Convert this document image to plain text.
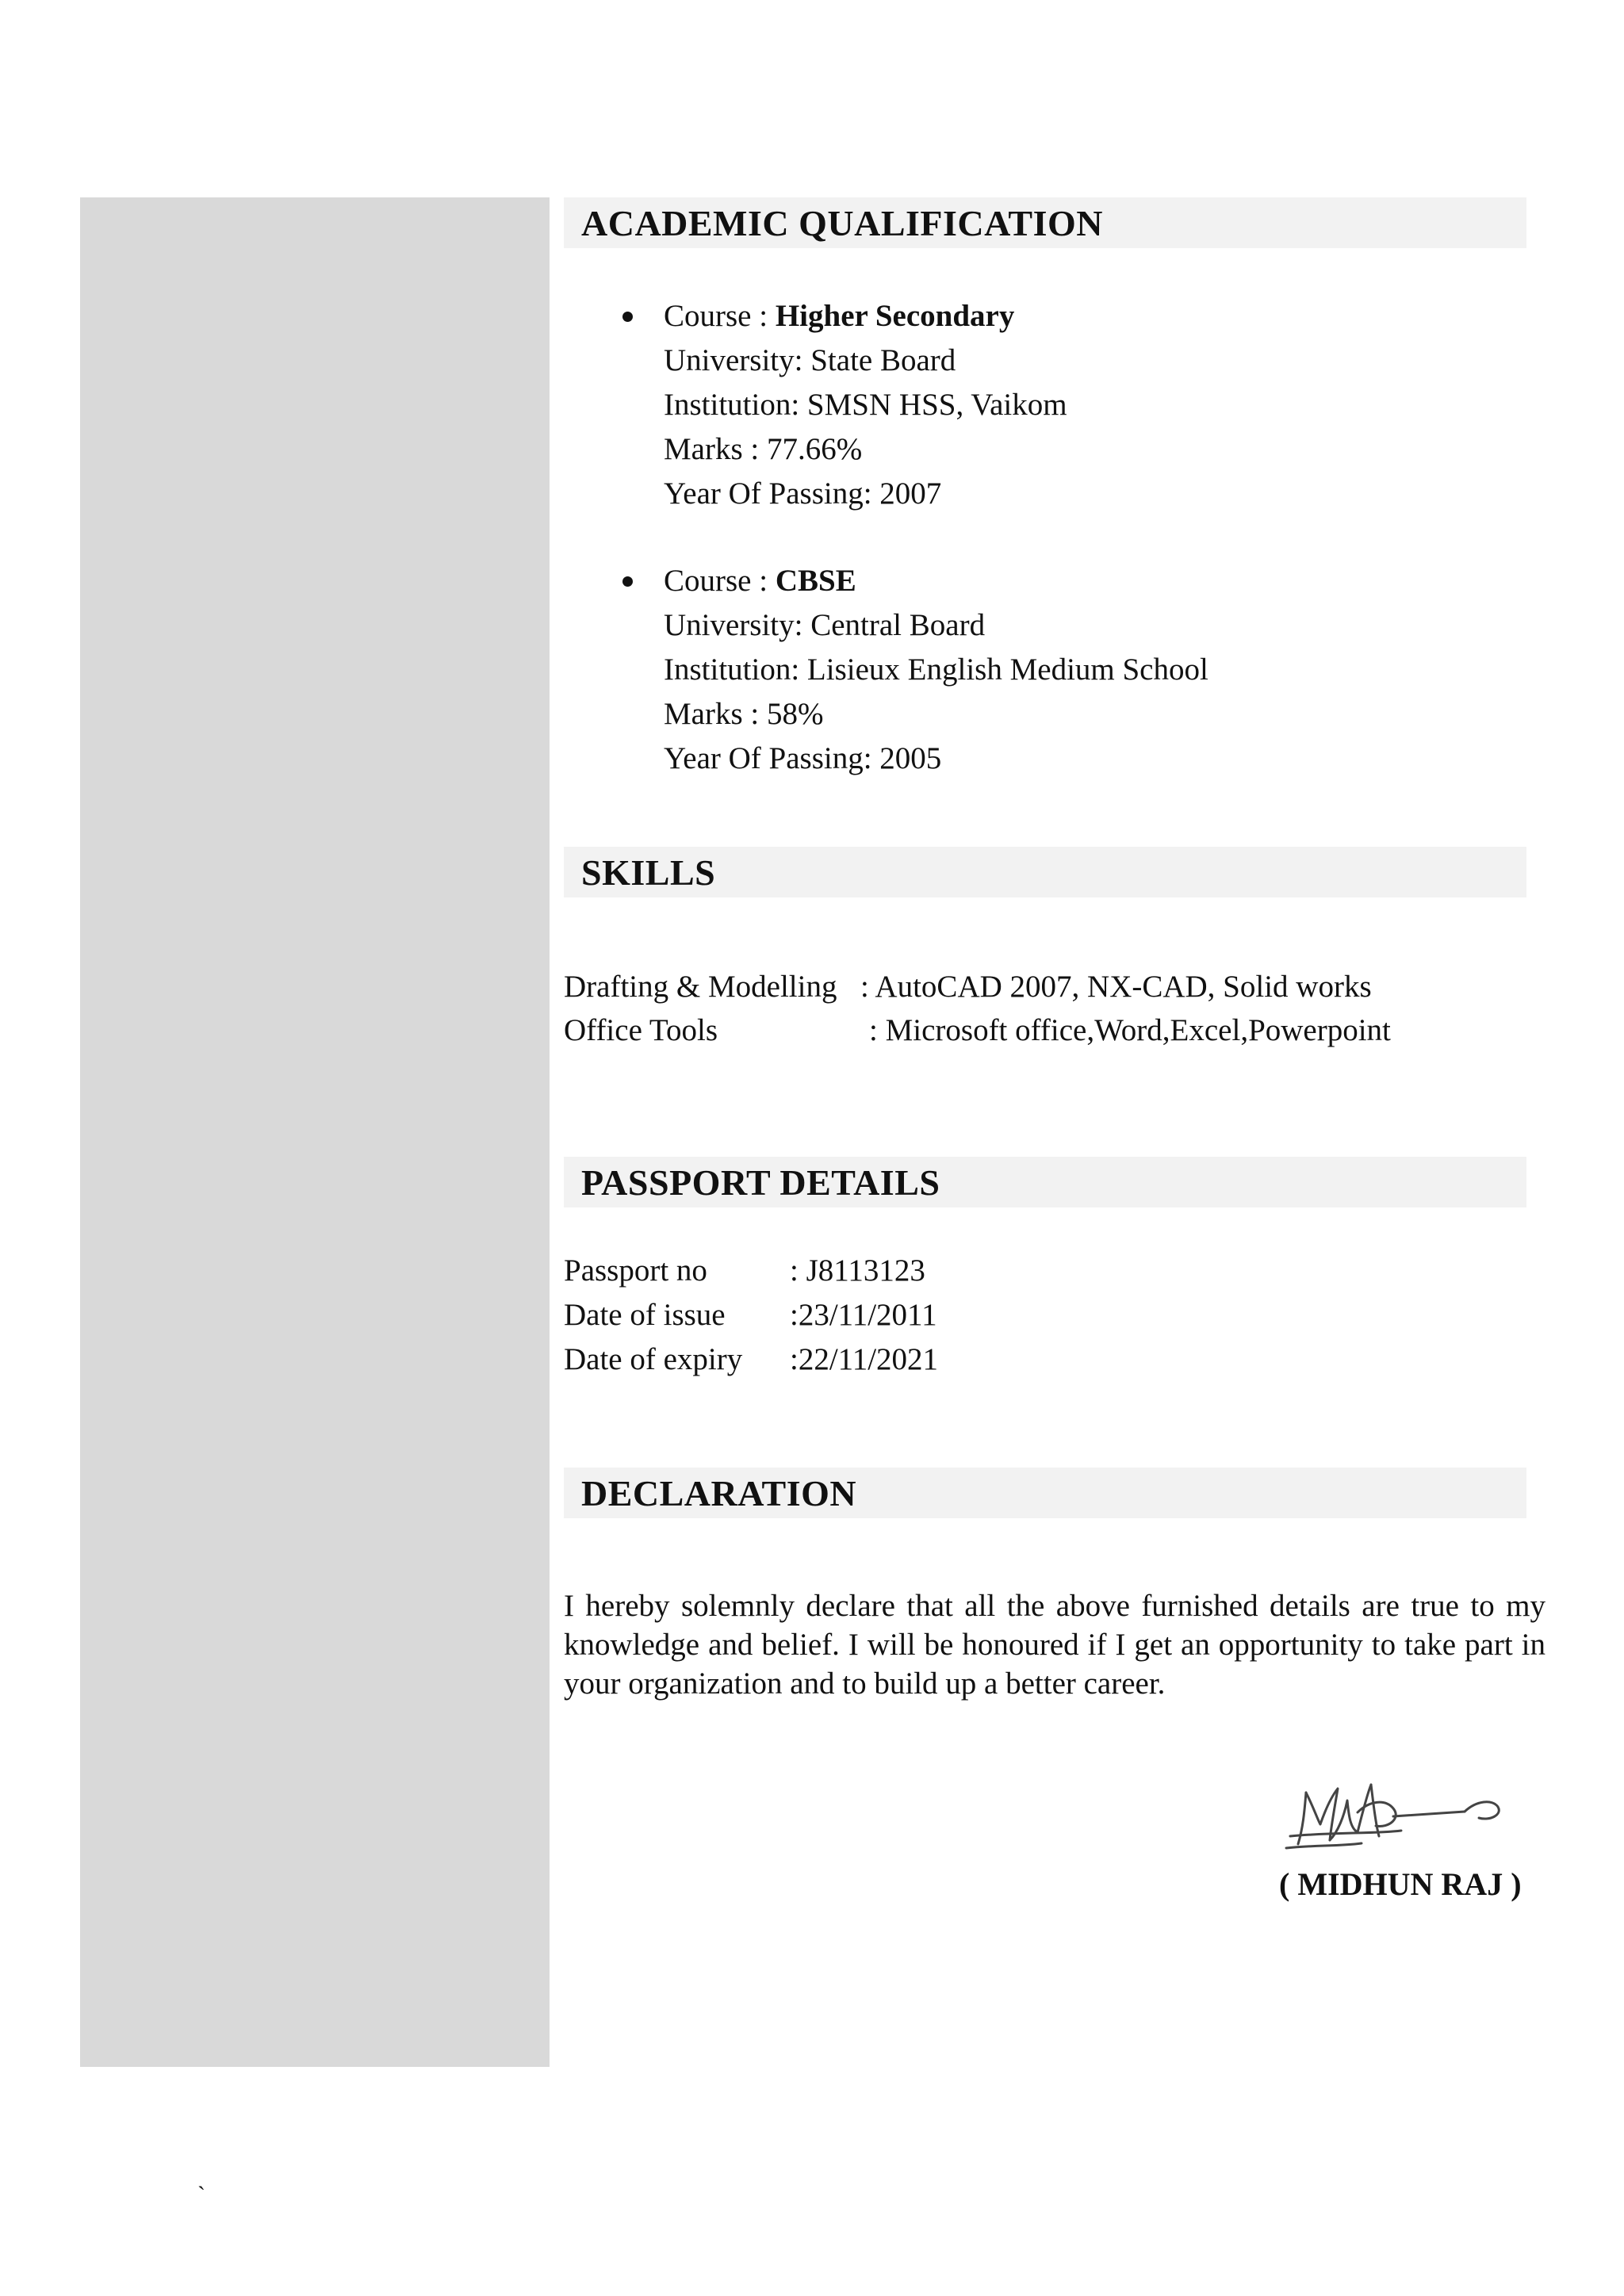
ACADEMIC QUALIFICATION
Course : Higher Secondary
University: State Board
Institution: SMSN HSS, Vaikom
Marks : 77.66%
Year Of Passing: 2007
Course : CBSE
University: Central Board
Institution: Lisieux English Medium School
Marks : 58%
Year Of Passing: 2005
SKILLS
Drafting & Modelling : AutoCAD 2007, NX-CAD, Solid works
Office Tools	: Microsoft office,Word,Excel,Powerpoint
PASSPORT DETAILS
Passport no	: J8113123
Date of issue :23/11/2011
Date of expiry :22/11/2021
DECLARATION
I hereby solemnly declare that all the above furnished details are true to my knowledge and belief. I will be honoured if I get an opportunity to take part in your organization and to build up a better career.
( MIDHUN RAJ )
`
